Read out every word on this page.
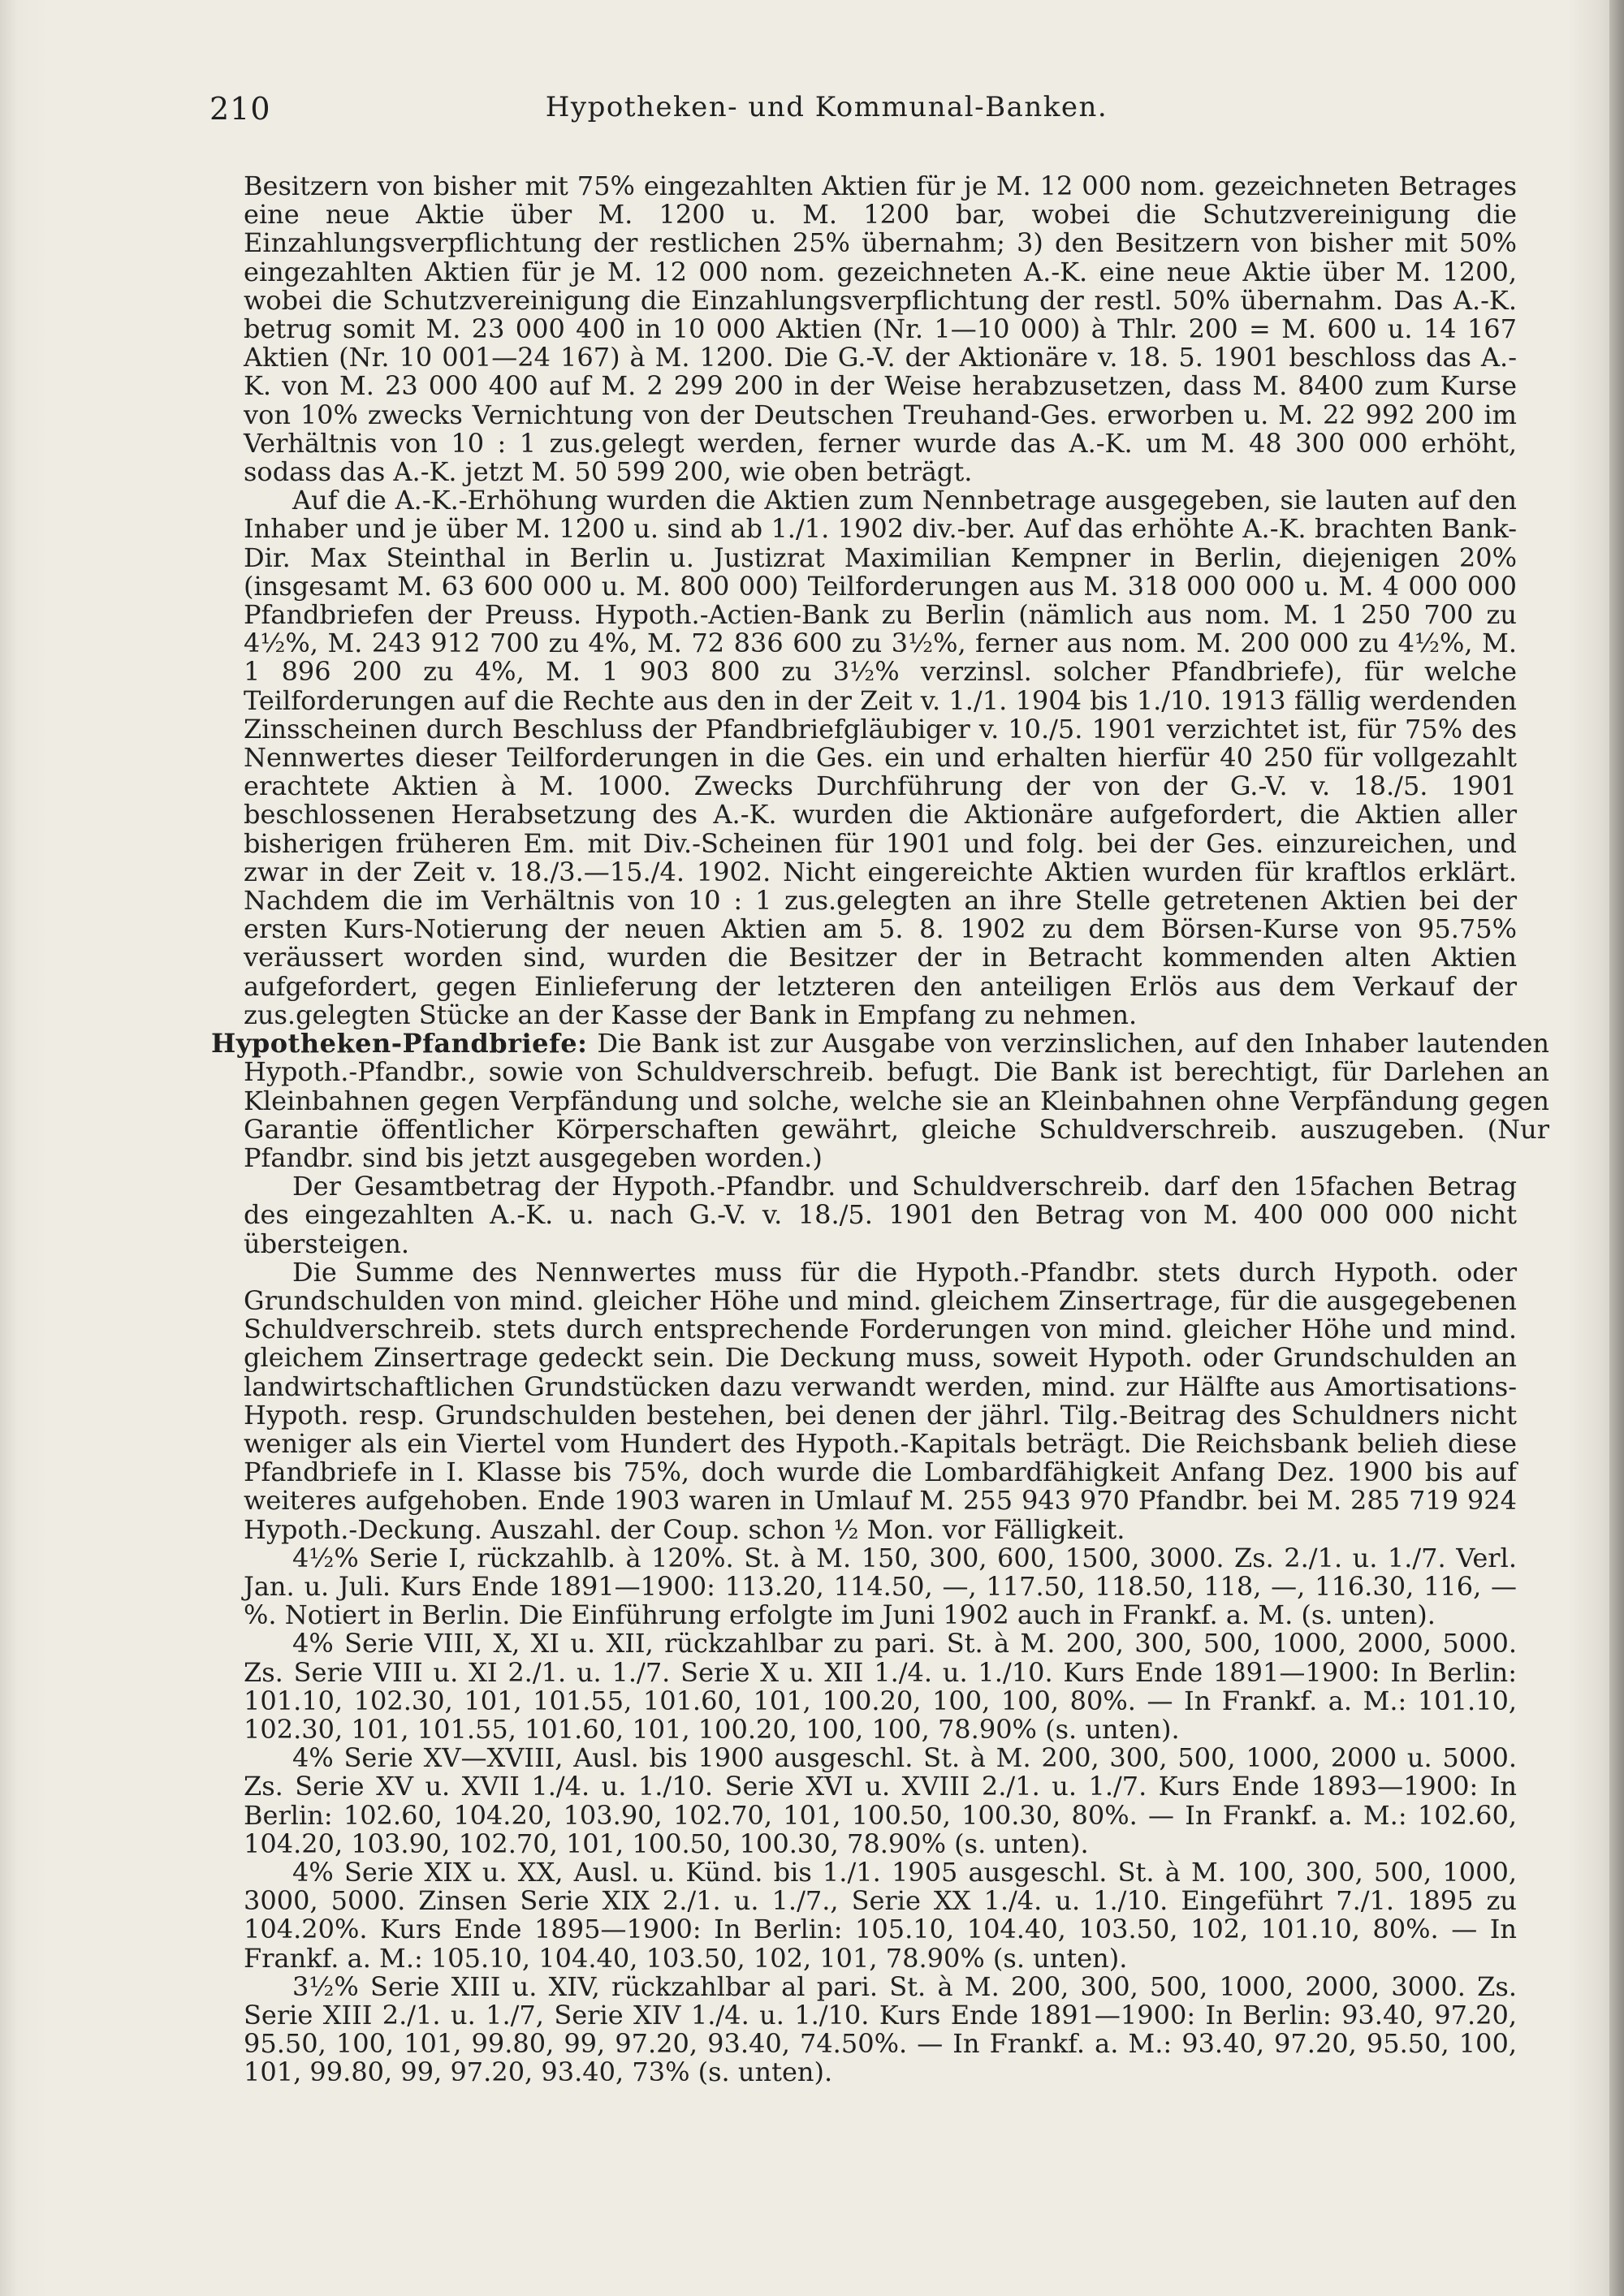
210	Hypotheken- und Kommunal-Banken.

Besitzern von bisher mit 75% eingezahlten Aktien für je M. 12 000 nom. gezeichneten Betrages eine neue Aktie über M. 1200 u. M. 1200 bar, wobei die Schutzvereinigung die Einzahlungsverpflichtung der restlichen 25% übernahm; 3) den Besitzern von bisher mit 50% eingezahlten Aktien für je M. 12 000 nom. gezeichneten A.-K. eine neue Aktie über M. 1200, wobei die Schutzvereinigung die Einzahlungsverpflichtung der restl. 50% übernahm. Das A.-K. betrug somit M. 23 000 400 in 10 000 Aktien (Nr. 1—10 000) à Thlr. 200 = M. 600 u. 14 167 Aktien (Nr. 10 001—24 167) à M. 1200. Die G.-V. der Aktionäre v. 18. 5. 1901 beschloss das A.-K. von M. 23 000 400 auf M. 2 299 200 in der Weise herabzusetzen, dass M. 8400 zum Kurse von 10% zwecks Vernichtung von der Deutschen Treuhand-Ges. erworben u. M. 22 992 200 im Verhältnis von 10 : 1 zus.gelegt werden, ferner wurde das A.-K. um M. 48 300 000 erhöht, sodass das A.-K. jetzt M. 50 599 200, wie oben beträgt.

Auf die A.-K.-Erhöhung wurden die Aktien zum Nennbetrage ausgegeben, sie lauten auf den Inhaber und je über M. 1200 u. sind ab 1./1. 1902 div.-ber. Auf das erhöhte A.-K. brachten Bank-Dir. Max Steinthal in Berlin u. Justizrat Maximilian Kempner in Berlin, diejenigen 20% (insgesamt M. 63 600 000 u. M. 800 000) Teilforderungen aus M. 318 000 000 u. M. 4 000 000 Pfandbriefen der Preuss. Hypoth.-Actien-Bank zu Berlin (nämlich aus nom. M. 1 250 700 zu 4½%, M. 243 912 700 zu 4%, M. 72 836 600 zu 3½%, ferner aus nom. M. 200 000 zu 4½%, M. 1 896 200 zu 4%, M. 1 903 800 zu 3½% verzinsl. solcher Pfandbriefe), für welche Teilforderungen auf die Rechte aus den in der Zeit v. 1./1. 1904 bis 1./10. 1913 fällig werdenden Zinsscheinen durch Beschluss der Pfandbriefgläubiger v. 10./5. 1901 verzichtet ist, für 75% des Nennwertes dieser Teilforderungen in die Ges. ein und erhalten hierfür 40 250 für vollgezahlt erachtete Aktien à M. 1000. Zwecks Durchführung der von der G.-V. v. 18./5. 1901 beschlossenen Herabsetzung des A.-K. wurden die Aktionäre aufgefordert, die Aktien aller bisherigen früheren Em. mit Div.-Scheinen für 1901 und folg. bei der Ges. einzureichen, und zwar in der Zeit v. 18./3.—15./4. 1902. Nicht eingereichte Aktien wurden für kraftlos erklärt. Nachdem die im Verhältnis von 10 : 1 zus.gelegten an ihre Stelle getretenen Aktien bei der ersten Kurs-Notierung der neuen Aktien am 5. 8. 1902 zu dem Börsen-Kurse von 95.75% veräussert worden sind, wurden die Besitzer der in Betracht kommenden alten Aktien aufgefordert, gegen Einlieferung der letzteren den anteiligen Erlös aus dem Verkauf der zus.gelegten Stücke an der Kasse der Bank in Empfang zu nehmen.

Hypotheken-Pfandbriefe: Die Bank ist zur Ausgabe von verzinslichen, auf den Inhaber lautenden Hypoth.-Pfandbr., sowie von Schuldverschreib. befugt. Die Bank ist berechtigt, für Darlehen an Kleinbahnen gegen Verpfändung und solche, welche sie an Kleinbahnen ohne Verpfändung gegen Garantie öffentlicher Körperschaften gewährt, gleiche Schuldverschreib. auszugeben. (Nur Pfandbr. sind bis jetzt ausgegeben worden.)

Der Gesamtbetrag der Hypoth.-Pfandbr. und Schuldverschreib. darf den 15fachen Betrag des eingezahlten A.-K. u. nach G.-V. v. 18./5. 1901 den Betrag von M. 400 000 000 nicht übersteigen.

Die Summe des Nennwertes muss für die Hypoth.-Pfandbr. stets durch Hypoth. oder Grundschulden von mind. gleicher Höhe und mind. gleichem Zinsertrage, für die ausgegebenen Schuldverschreib. stets durch entsprechende Forderungen von mind. gleicher Höhe und mind. gleichem Zinsertrage gedeckt sein. Die Deckung muss, soweit Hypoth. oder Grundschulden an landwirtschaftlichen Grundstücken dazu verwandt werden, mind. zur Hälfte aus Amortisations-Hypoth. resp. Grundschulden bestehen, bei denen der jährl. Tilg.-Beitrag des Schuldners nicht weniger als ein Viertel vom Hundert des Hypoth.-Kapitals beträgt. Die Reichsbank belieh diese Pfandbriefe in I. Klasse bis 75%, doch wurde die Lombardfähigkeit Anfang Dez. 1900 bis auf weiteres aufgehoben. Ende 1903 waren in Umlauf M. 255 943 970 Pfandbr. bei M. 285 719 924 Hypoth.-Deckung. Auszahl. der Coup. schon ½ Mon. vor Fälligkeit.

4½% Serie I, rückzahlb. à 120%. St. à M. 150, 300, 600, 1500, 3000. Zs. 2./1. u. 1./7. Verl. Jan. u. Juli. Kurs Ende 1891—1900: 113.20, 114.50, —, 117.50, 118.50, 118, —, 116.30, 116, —%. Notiert in Berlin. Die Einführung erfolgte im Juni 1902 auch in Frankf. a. M. (s. unten).

4% Serie VIII, X, XI u. XII, rückzahlbar zu pari. St. à M. 200, 300, 500, 1000, 2000, 5000. Zs. Serie VIII u. XI 2./1. u. 1./7. Serie X u. XII 1./4. u. 1./10. Kurs Ende 1891—1900: In Berlin: 101.10, 102.30, 101, 101.55, 101.60, 101, 100.20, 100, 100, 80%. — In Frankf. a. M.: 101.10, 102.30, 101, 101.55, 101.60, 101, 100.20, 100, 100, 78.90% (s. unten).

4% Serie XV—XVIII, Ausl. bis 1900 ausgeschl. St. à M. 200, 300, 500, 1000, 2000 u. 5000. Zs. Serie XV u. XVII 1./4. u. 1./10. Serie XVI u. XVIII 2./1. u. 1./7. Kurs Ende 1893—1900: In Berlin: 102.60, 104.20, 103.90, 102.70, 101, 100.50, 100.30, 80%. — In Frankf. a. M.: 102.60, 104.20, 103.90, 102.70, 101, 100.50, 100.30, 78.90% (s. unten).

4% Serie XIX u. XX, Ausl. u. Künd. bis 1./1. 1905 ausgeschl. St. à M. 100, 300, 500, 1000, 3000, 5000. Zinsen Serie XIX 2./1. u. 1./7., Serie XX 1./4. u. 1./10. Eingeführt 7./1. 1895 zu 104.20%. Kurs Ende 1895—1900: In Berlin: 105.10, 104.40, 103.50, 102, 101.10, 80%. — In Frankf. a. M.: 105.10, 104.40, 103.50, 102, 101, 78.90% (s. unten).

3½% Serie XIII u. XIV, rückzahlbar al pari. St. à M. 200, 300, 500, 1000, 2000, 3000. Zs. Serie XIII 2./1. u. 1./7, Serie XIV 1./4. u. 1./10. Kurs Ende 1891—1900: In Berlin: 93.40, 97.20, 95.50, 100, 101, 99.80, 99, 97.20, 93.40, 74.50%. — In Frankf. a. M.: 93.40, 97.20, 95.50, 100, 101, 99.80, 99, 97.20, 93.40, 73% (s. unten).
